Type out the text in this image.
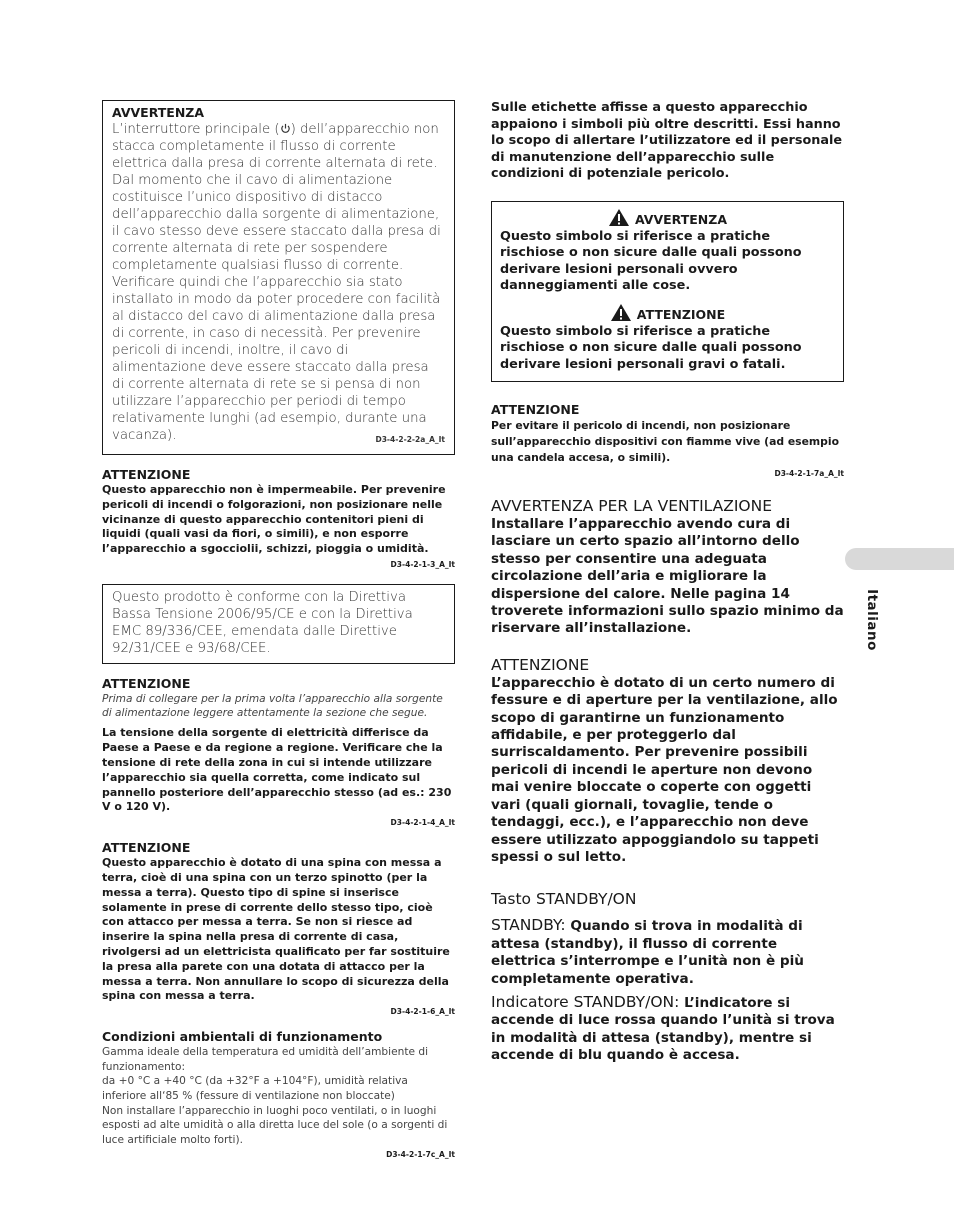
AVVERTENZA
L’interruttore principale ( ) dell’apparecchio non stacca completamente il flusso di corrente elettrica dalla presa di corrente alternata di rete. Dal momento che il cavo di alimentazione costituisce l’unico dispositivo di distacco dell’apparecchio dalla sorgente di alimentazione, il cavo stesso deve essere staccato dalla presa di corrente alternata di rete per sospendere completamente qualsiasi flusso di corrente. Verificare quindi che l’apparecchio sia stato installato in modo da poter procedere con facilità al distacco del cavo di alimentazione dalla presa di corrente, in caso di necessità. Per prevenire pericoli di incendi, inoltre, il cavo di alimentazione deve essere staccato dalla presa di corrente alternata di rete se si pensa di non utilizzare l’apparecchio per periodi di tempo relativamente lunghi (ad esempio, durante una vacanza).	D3-4-2-2-2a_A_It
ATTENZIONE
Questo apparecchio non è impermeabile. Per prevenire pericoli di incendi o folgorazioni, non posizionare nelle vicinanze di questo apparecchio contenitori pieni di liquidi (quali vasi da fiori, o simili), e non esporre l’apparecchio a sgocciolii, schizzi, pioggia o umidità.
D3-4-2-1-3_A_It
Questo prodotto è conforme con la Direttiva Bassa Tensione 2006/95/CE e con la Direttiva EMC 89/336/CEE, emendata dalle Direttive 92/31/CEE e 93/68/CEE.
ATTENZIONE
Prima di collegare per la prima volta l’apparecchio alla sorgente di alimentazione leggere attentamente la sezione che segue.
La tensione della sorgente di elettricità differisce da Paese a Paese e da regione a regione. Verificare che la tensione di rete della zona in cui si intende utilizzare l’apparecchio sia quella corretta, come indicato sul pannello posteriore dell’apparecchio stesso (ad es.: 230 V o 120 V).
D3-4-2-1-4_A_It
ATTENZIONE
Questo apparecchio è dotato di una spina con messa a terra, cioè di una spina con un terzo spinotto (per la messa a terra). Questo tipo di spine si inserisce solamente in prese di corrente dello stesso tipo, cioè con attacco per messa a terra. Se non si riesce ad inserire la spina nella presa di corrente di casa, rivolgersi ad un elettricista qualificato per far sostituire la presa alla parete con una dotata di attacco per la messa a terra. Non annullare lo scopo di sicurezza della spina con messa a terra.
D3-4-2-1-6_A_It
Condizioni ambientali di funzionamento
Gamma ideale della temperatura ed umidità dell’ambiente di funzionamento:
da +0 °C a +40 °C (da +32°F a +104°F), umidità relativa inferiore all‘85 % (fessure di ventilazione non bloccate)
Non installare l’apparecchio in luoghi poco ventilati, o in luoghi esposti ad alte umidità o alla diretta luce del sole (o a sorgenti di luce artificiale molto forti).
D3-4-2-1-7c_A_It
Sulle etichette affisse a questo apparecchio appaiono i simboli più oltre descritti. Essi hanno lo scopo di allertare l’utilizzatore ed il personale di manutenzione dell’apparecchio sulle condizioni di potenziale pericolo.
AVVERTENZA
Questo simbolo si riferisce a pratiche rischiose o non sicure dalle quali possono derivare lesioni personali ovvero danneggiamenti alle cose.
ATTENZIONE
Questo simbolo si riferisce a pratiche rischiose o non sicure dalle quali possono derivare lesioni personali gravi o fatali.
ATTENZIONE
Per evitare il pericolo di incendi, non posizionare sull’apparecchio dispositivi con fiamme vive (ad esempio una candela accesa, o simili).
D3-4-2-1-7a_A_It
AVVERTENZA PER LA VENTILAZIONE
Installare l’apparecchio avendo cura di lasciare un certo spazio all’intorno dello stesso per consentire una adeguata circolazione dell’aria e migliorare la dispersione del calore. Nelle pagina 14 troverete informazioni sullo spazio minimo da riservare all’installazione.
ATTENZIONE
L’apparecchio è dotato di un certo numero di fessure e di aperture per la ventilazione, allo scopo di garantirne un funzionamento affidabile, e per proteggerlo dal surriscaldamento. Per prevenire possibili pericoli di incendi le aperture non devono mai venire bloccate o coperte con oggetti vari (quali giornali, tovaglie, tende o tendaggi, ecc.), e l’apparecchio non deve essere utilizzato appoggiandolo su tappeti spessi o sul letto.
Tasto STANDBY/ON
STANDBY: Quando si trova in modalità di attesa (standby), il flusso di corrente elettrica s’interrompe e l’unità non è più completamente operativa.
Indicatore STANDBY/ON: L’indicatore si accende di luce rossa quando l’unità si trova in modalità di attesa (standby), mentre si accende di blu quando è accesa.
Italiano
